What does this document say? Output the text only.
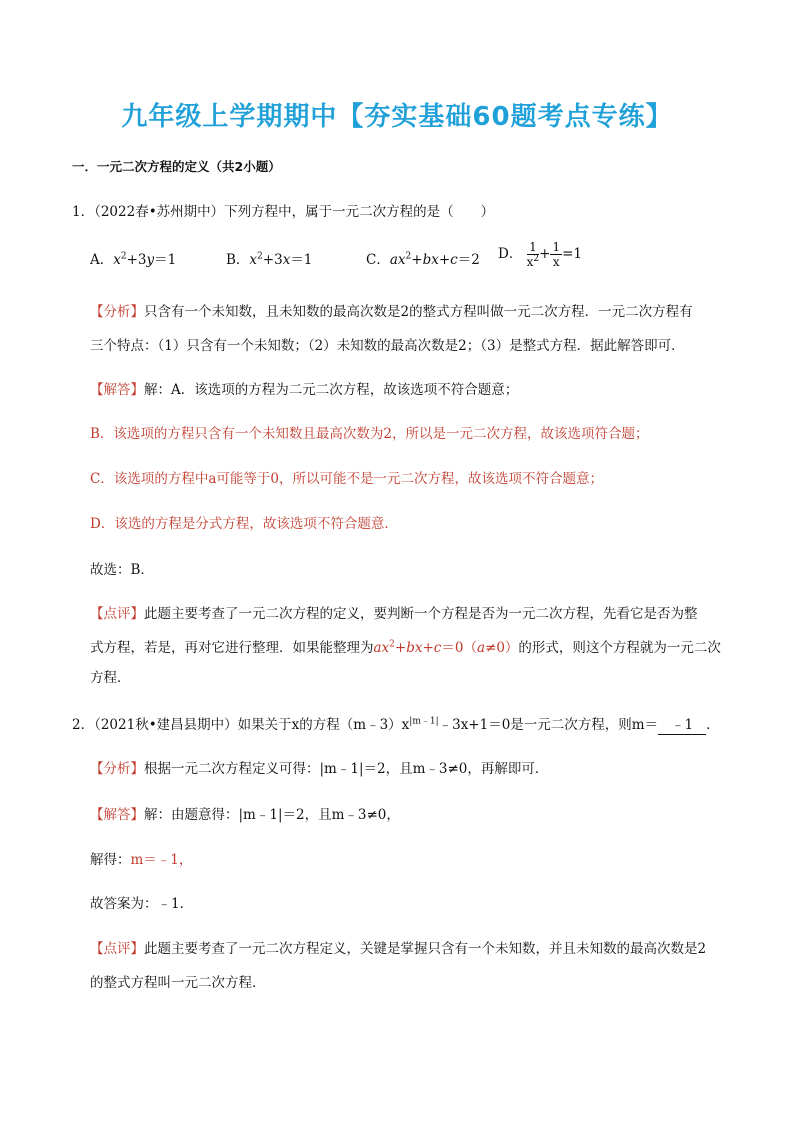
九年级上学期期中【夯实基础60题考点专练】
一．一元二次方程的定义（共2小题）
1．（2022春•苏州期中）下列方程中，属于一元二次方程的是（　　）
A．$x^2+3y=1$	B．$x^2+3x=1$	C．$ax^2+bx+c=2$ D． $\frac{1}{x^2} + \frac{1}{x} =1$
【分析】只含有一个未知数，且未知数的最高次数是2的整式方程叫做一元二次方程．一元二次方程有
三个特点：（1）只含有一个未知数；（2）未知数的最高次数是2；（3）是整式方程．据此解答即可．
【解答】解：A．该选项的方程为二元二次方程，故该选项不符合题意；
B．该选项的方程只含有一个未知数且最高次数为2，所以是一元二次方程，故该选项符合题；
C．该选项的方程中a可能等于0，所以可能不是一元二次方程，故该选项不符合题意；
D．该选的方程是分式方程，故该选项不符合题意．
故选：B．
【点评】此题主要考查了一元二次方程的定义，要判断一个方程是否为一元二次方程，先看它是否为整
式方程，若是，再对它进行整理．如果能整理为$ax^2+bx+c=0(a\ne 0)$的形式，则这个方程就为一元二次
方程．
2．（2021秋•建昌县期中）如果关于x的方程$(m﹣3)x^{|m﹣1|}﹣3x+1=0$是一元二次方程，则m＝ ﹣1 ．
【分析】根据一元二次方程定义可得：|m﹣1|＝2，且m﹣3≠0，再解即可．
【解答】解：由题意得：|m﹣1|＝2，且m﹣3≠0，
解得：m＝﹣1，
故答案为：﹣1．
【点评】此题主要考查了一元二次方程定义，关键是掌握只含有一个未知数，并且未知数的最高次数是2
的整式方程叫一元二次方程．
